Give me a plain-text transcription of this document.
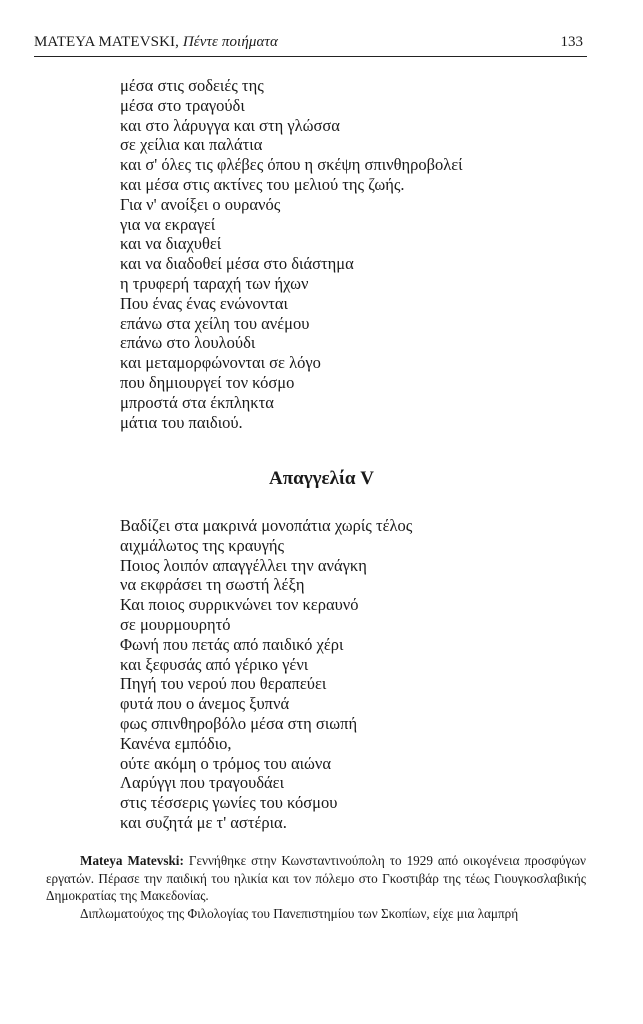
MATEYA MATEVSKI, Πέντε ποιήματα	133
μέσα στις σοδειές της
μέσα στο τραγούδι
και στο λάρυγγα και στη γλώσσα
σε χείλια και παλάτια
και σ' όλες τις φλέβες όπου η σκέψη σπινθηροβολεί
και μέσα στις ακτίνες του μελιού της ζωής.
Για ν' ανοίξει ο ουρανός
για να εκραγεί
και να διαχυθεί
και να διαδοθεί μέσα στο διάστημα
η τρυφερή ταραχή των ήχων
Που ένας ένας ενώνονται
επάνω στα χείλη του ανέμου
επάνω στο λουλούδι
και μεταμορφώνονται σε λόγο
που δημιουργεί τον κόσμο
μπροστά στα έκπληκτα
μάτια του παιδιού.
Απαγγελία V
Βαδίζει στα μακρινά μονοπάτια χωρίς τέλος
αιχμάλωτος της κραυγής
Ποιος λοιπόν απαγγέλλει την ανάγκη
να εκφράσει τη σωστή λέξη
Και ποιος συρρικνώνει τον κεραυνό
σε μουρμουρητό
Φωνή που πετάς από παιδικό χέρι
και ξεφυσάς από γέρικο γένι
Πηγή του νερού που θεραπεύει
φυτά που ο άνεμος ξυπνά
φως σπινθηροβόλο μέσα στη σιωπή
Κανένα εμπόδιο,
ούτε ακόμη ο τρόμος του αιώνα
Λαρύγγι που τραγουδάει
στις τέσσερις γωνίες του κόσμου
και συζητά με τ' αστέρια.

Mateya Matevski: Γεννήθηκε στην Κωνσταντινούπολη το 1929 από οικογένεια προσφύγων εργατών. Πέρασε την παιδική του ηλικία και τον πόλεμο στο Γκοστιβάρ της τέως Γιουγκοσλαβικής Δημοκρατίας της Μακεδονίας.

Διπλωματούχος της Φιλολογίας του Πανεπιστημίου των Σκοπίων, είχε μια λαμπρή
